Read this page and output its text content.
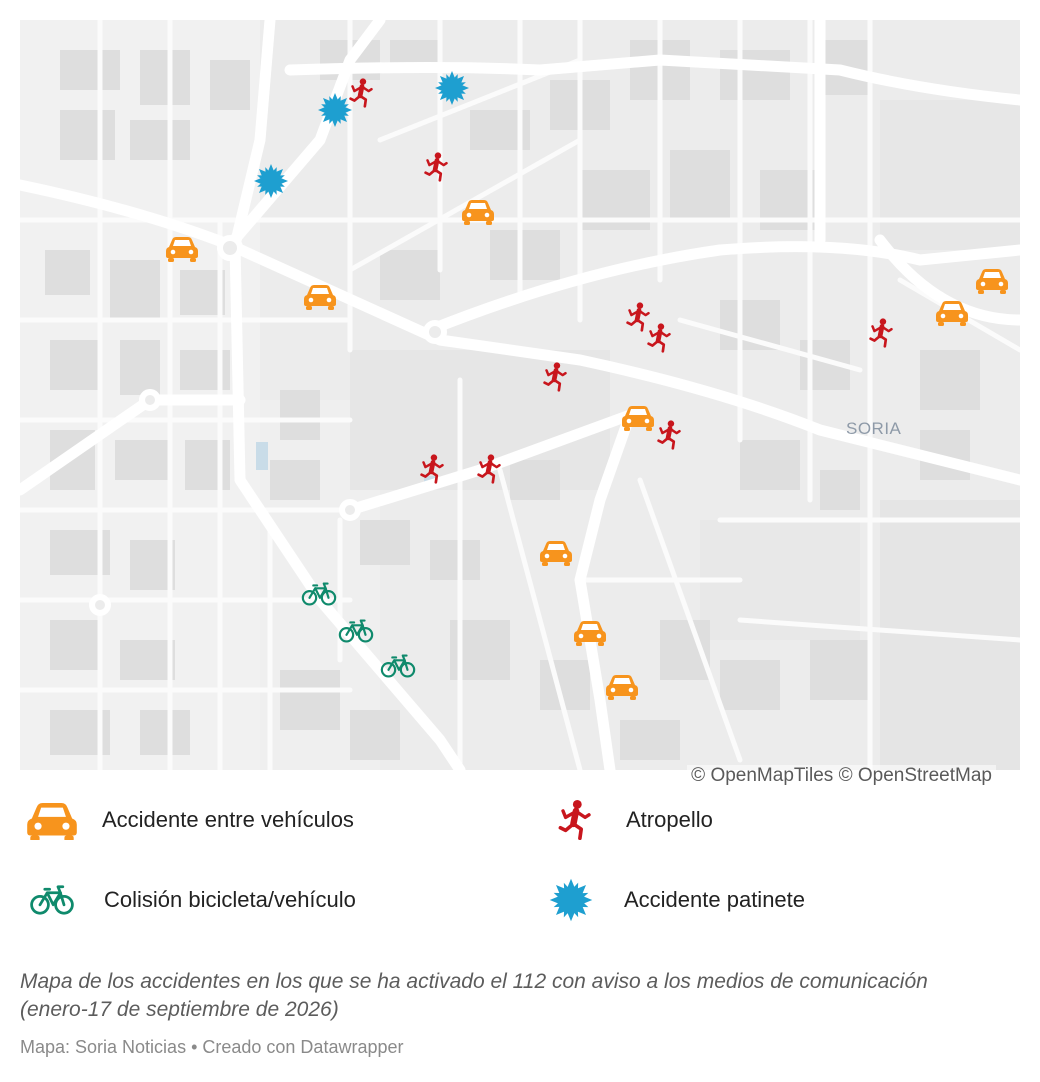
SORIA
© OpenMapTiles © OpenStreetMap
Accidente entre vehículos	Atropello
Colisión bicicleta/vehículo	Accidente patinete
Mapa de los accidentes en los que se ha activado el 112 con aviso a los medios de comunicación (enero-17 de septiembre de 2026)
Mapa: Soria Noticias • Creado con Datawrapper
